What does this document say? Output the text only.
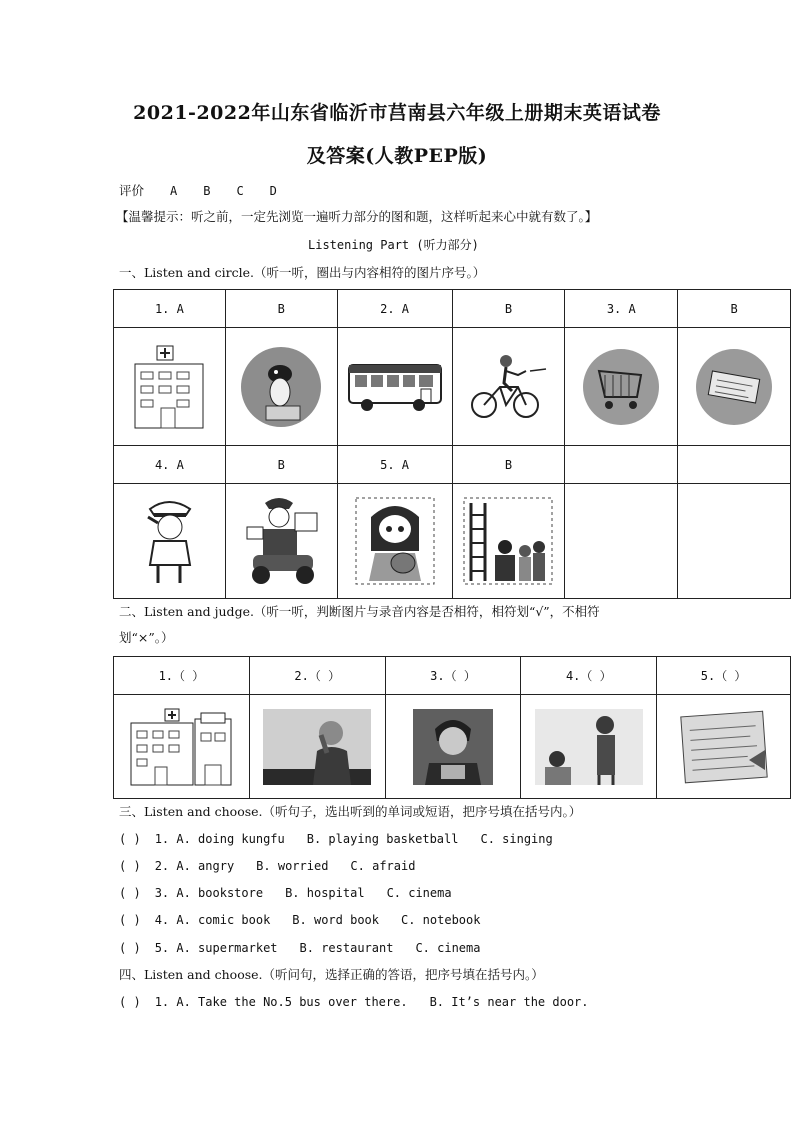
2021-2022年山东省临沂市莒南县六年级上册期末英语试卷
及答案(人教PEP版)
评价 A B C D
【温馨提示：听之前，一定先浏览一遍听力部分的图和题，这样听起来心中就有数了。】
Listening Part (听力部分)
一、Listen and circle.（听一听，圈出与内容相符的图片序号。）
1. A	B	2. A	B	3. A	B

4. A	B	5. A	B		

二、Listen and judge.（听一听，判断图片与录音内容是否相符，相符划“√”，不相符
划“×”。）
1.（ ）	2.（ ）	3.（ ）	4.（ ）	5.（ ）

三、Listen and choose.（听句子，选出听到的单词或短语，把序号填在括号内。）
( ) 1. A. doing kungfu B. playing basketball C. singing
( ) 2. A. angry B. worried C. afraid
( ) 3. A. bookstore B. hospital C. cinema
( ) 4. A. comic book B. word book C. notebook
( ) 5. A. supermarket B. restaurant C. cinema
四、Listen and choose.（听问句，选择正确的答语，把序号填在括号内。）
( ) 1. A. Take the No.5 bus over there. B. It’s near the door.
